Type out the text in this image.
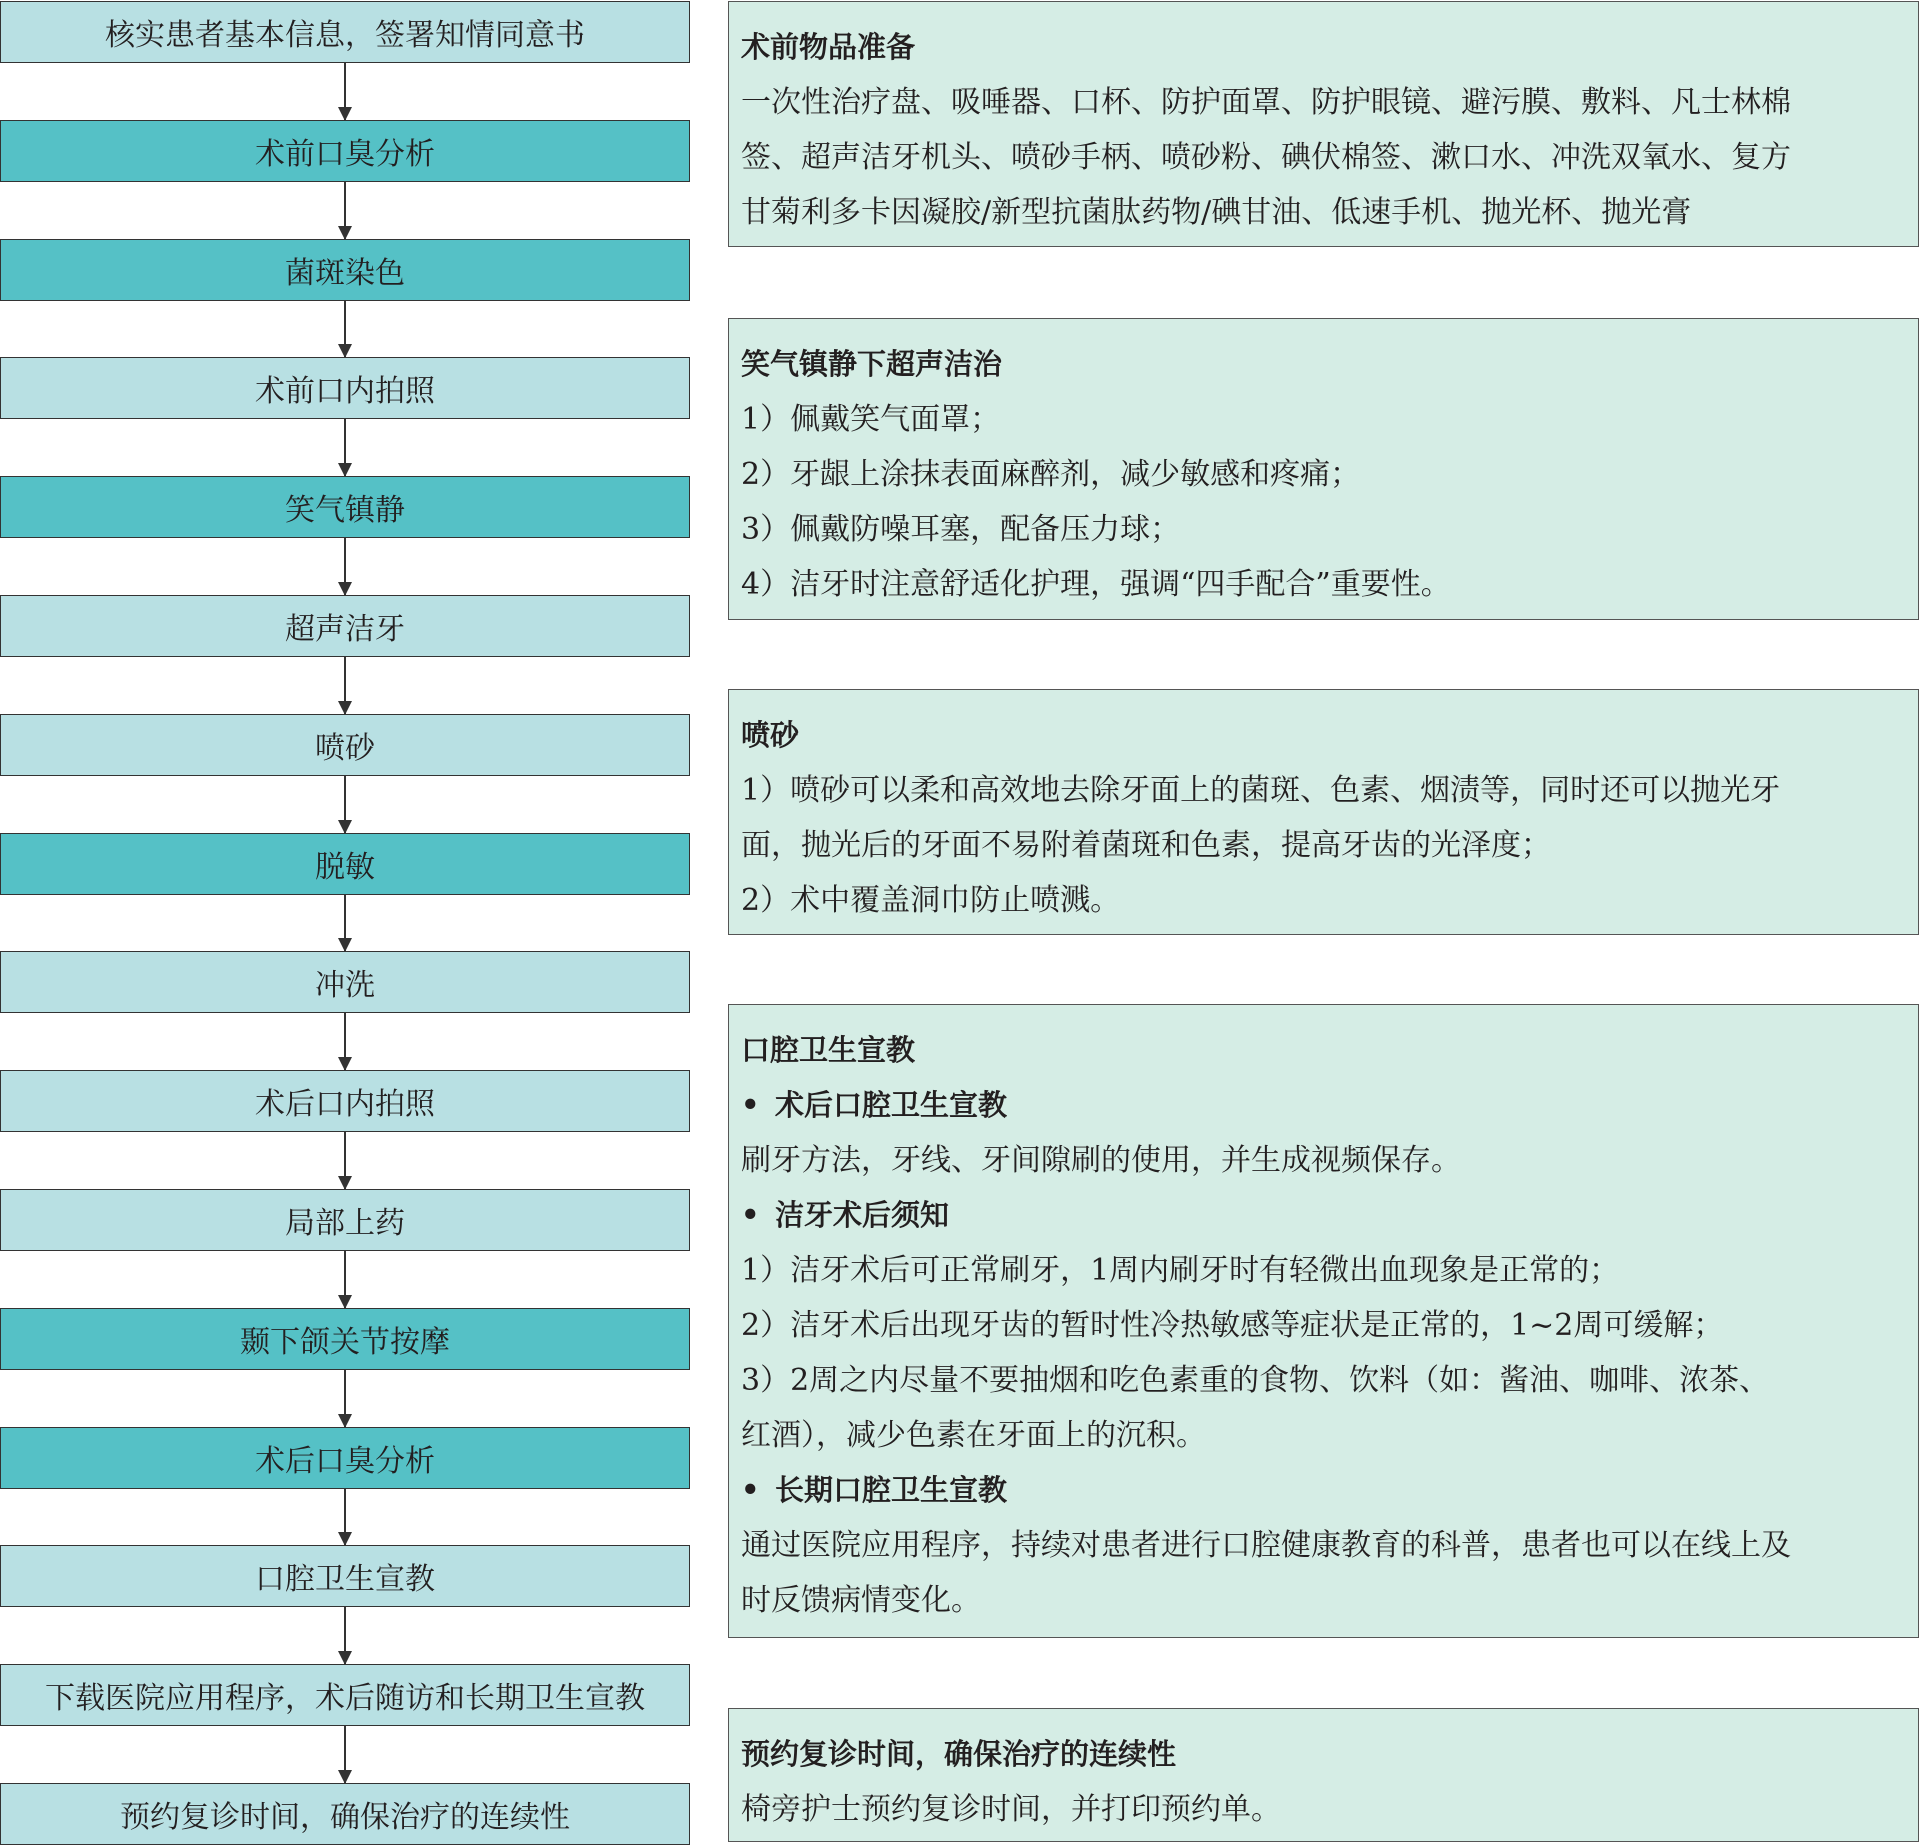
核实患者基本信息，签署知情同意书
术前口臭分析
菌斑染色
术前口内拍照
笑气镇静
超声洁牙
喷砂
脱敏
冲洗
术后口内拍照
局部上药
颞下颌关节按摩
术后口臭分析
口腔卫生宣教
下载医院应用程序，术后随访和长期卫生宣教
预约复诊时间，确保治疗的连续性
术前物品准备
一次性治疗盘、吸唾器、口杯、防护面罩、防护眼镜、避污膜、敷料、凡士林棉
签、超声洁牙机头、喷砂手柄、喷砂粉、碘伏棉签、漱口水、冲洗双氧水、复方
甘菊利多卡因凝胶/新型抗菌肽药物/碘甘油、低速手机、抛光杯、抛光膏
笑气镇静下超声洁治
1）佩戴笑气面罩；
2）牙龈上涂抹表面麻醉剂，减少敏感和疼痛；
3）佩戴防噪耳塞，配备压力球；
4）洁牙时注意舒适化护理，强调“四手配合”重要性。
喷砂
1）喷砂可以柔和高效地去除牙面上的菌斑、色素、烟渍等，同时还可以抛光牙
面，抛光后的牙面不易附着菌斑和色素，提高牙齿的光泽度；
2）术中覆盖洞巾防止喷溅。
口腔卫生宣教
• 术后口腔卫生宣教
刷牙方法，牙线、牙间隙刷的使用，并生成视频保存。
• 洁牙术后须知
1）洁牙术后可正常刷牙，1周内刷牙时有轻微出血现象是正常的；
2）洁牙术后出现牙齿的暂时性冷热敏感等症状是正常的，1~2周可缓解；
3）2周之内尽量不要抽烟和吃色素重的食物、饮料（如：酱油、咖啡、浓茶、
红酒），减少色素在牙面上的沉积。
• 长期口腔卫生宣教
通过医院应用程序，持续对患者进行口腔健康教育的科普，患者也可以在线上及
时反馈病情变化。
预约复诊时间，确保治疗的连续性
椅旁护士预约复诊时间，并打印预约单。
